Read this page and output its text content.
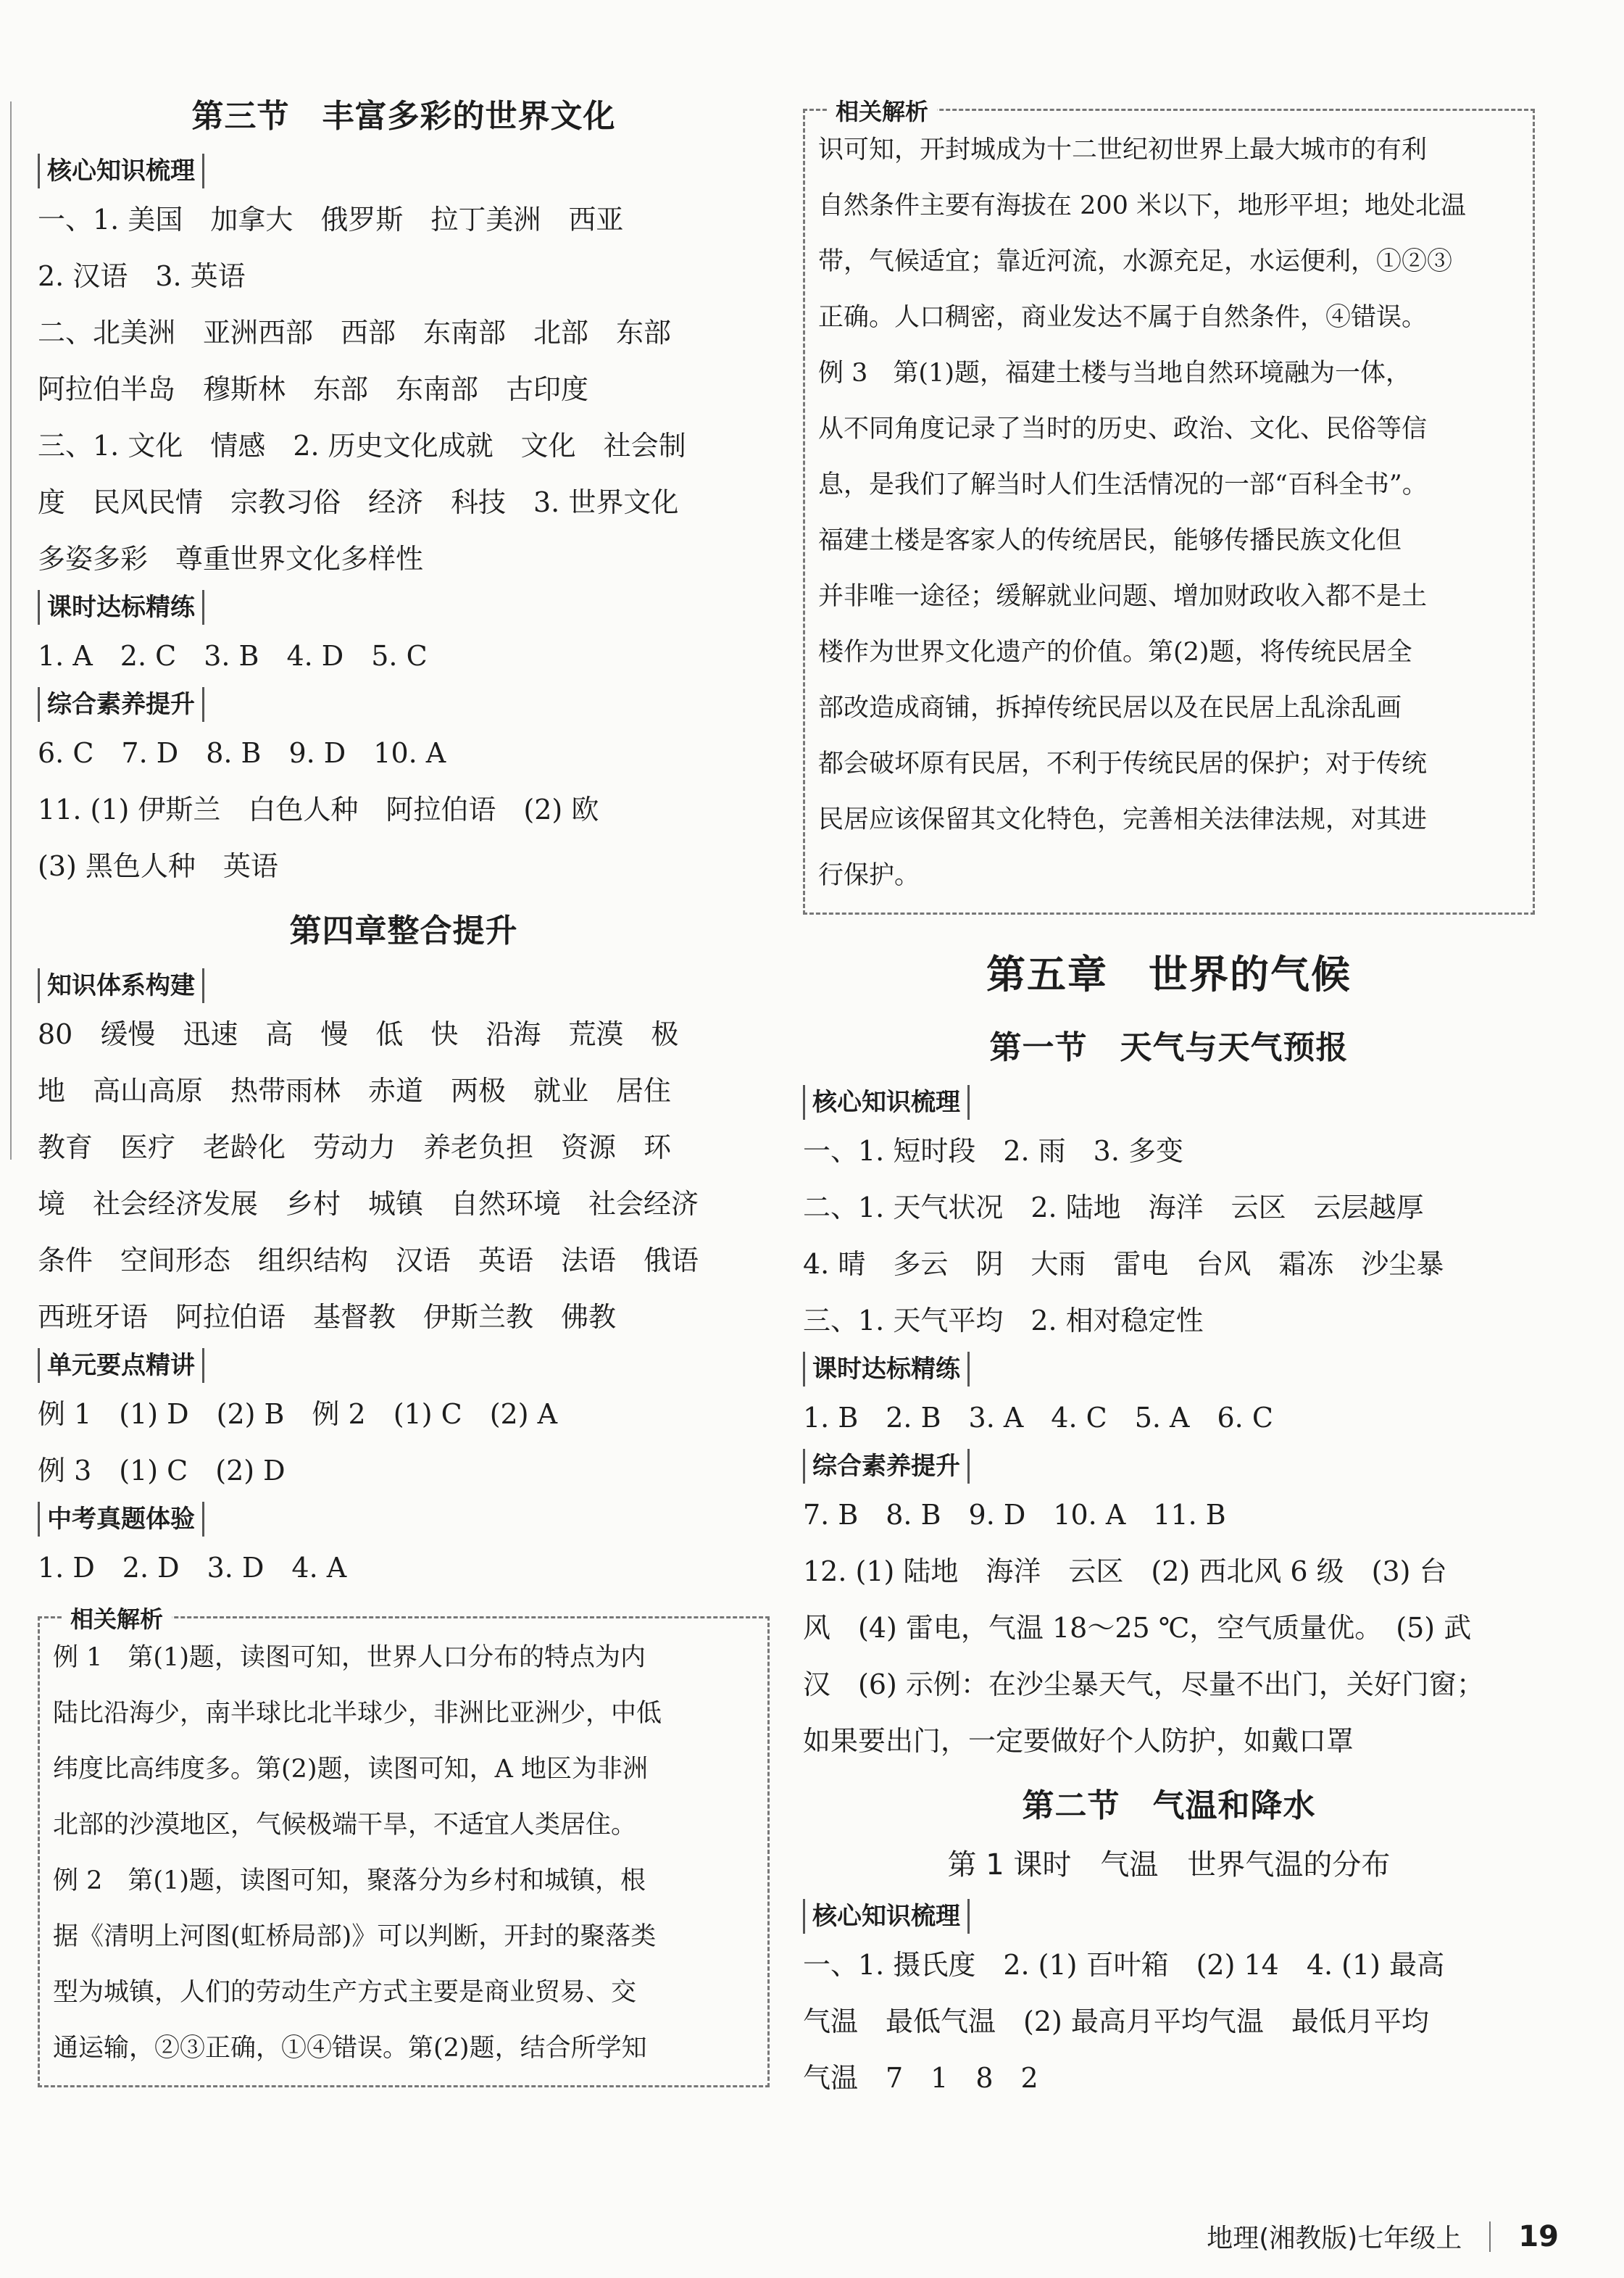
第三节　丰富多彩的世界文化
核心知识梳理
一、1. 美国　加拿大　俄罗斯　拉丁美洲　西亚
2. 汉语　3. 英语
二、北美洲　亚洲西部　西部　东南部　北部　东部
阿拉伯半岛　穆斯林　东部　东南部　古印度
三、1. 文化　情感　2. 历史文化成就　文化　社会制
度　民风民情　宗教习俗　经济　科技　3. 世界文化
多姿多彩　尊重世界文化多样性
课时达标精练
1. A　2. C　3. B　4. D　5. C
综合素养提升
6. C　7. D　8. B　9. D　10. A
11. (1) 伊斯兰　白色人种　阿拉伯语　(2) 欧
(3) 黑色人种　英语
第四章整合提升
知识体系构建
80　缓慢　迅速　高　慢　低　快　沿海　荒漠　极
地　高山高原　热带雨林　赤道　两极　就业　居住
教育　医疗　老龄化　劳动力　养老负担　资源　环
境　社会经济发展　乡村　城镇　自然环境　社会经济
条件　空间形态　组织结构　汉语　英语　法语　俄语
西班牙语　阿拉伯语　基督教　伊斯兰教　佛教
单元要点精讲
例 1　(1) D　(2) B　例 2　(1) C　(2) A
例 3　(1) C　(2) D
中考真题体验
1. D　2. D　3. D　4. A
相关解析
例 1　第(1)题，读图可知，世界人口分布的特点为内
陆比沿海少，南半球比北半球少，非洲比亚洲少，中低
纬度比高纬度多。第(2)题，读图可知，A 地区为非洲
北部的沙漠地区，气候极端干旱，不适宜人类居住。
例 2　第(1)题，读图可知，聚落分为乡村和城镇，根
据《清明上河图(虹桥局部)》可以判断，开封的聚落类
型为城镇，人们的劳动生产方式主要是商业贸易、交
通运输，②③正确，①④错误。第(2)题，结合所学知
相关解析
识可知，开封城成为十二世纪初世界上最大城市的有利
自然条件主要有海拔在 200 米以下，地形平坦；地处北温
带，气候适宜；靠近河流，水源充足，水运便利，①②③
正确。人口稠密，商业发达不属于自然条件，④错误。
例 3　第(1)题，福建土楼与当地自然环境融为一体，
从不同角度记录了当时的历史、政治、文化、民俗等信
息，是我们了解当时人们生活情况的一部“百科全书”。
福建土楼是客家人的传统居民，能够传播民族文化但
并非唯一途径；缓解就业问题、增加财政收入都不是土
楼作为世界文化遗产的价值。第(2)题，将传统民居全
部改造成商铺，拆掉传统民居以及在民居上乱涂乱画
都会破坏原有民居，不利于传统民居的保护；对于传统
民居应该保留其文化特色，完善相关法律法规，对其进
行保护。
第五章　世界的气候
第一节　天气与天气预报
核心知识梳理
一、1. 短时段　2. 雨　3. 多变
二、1. 天气状况　2. 陆地　海洋　云区　云层越厚
4. 晴　多云　阴　大雨　雷电　台风　霜冻　沙尘暴
三、1. 天气平均　2. 相对稳定性
课时达标精练
1. B　2. B　3. A　4. C　5. A　6. C
综合素养提升
7. B　8. B　9. D　10. A　11. B
12. (1) 陆地　海洋　云区　(2) 西北风 6 级　(3) 台
风　(4) 雷电，气温 18～25 ℃，空气质量优。　(5) 武
汉　(6) 示例：在沙尘暴天气，尽量不出门，关好门窗；
如果要出门，一定要做好个人防护，如戴口罩
第二节　气温和降水
第 1 课时　气温　世界气温的分布
核心知识梳理
一、1. 摄氏度　2. (1) 百叶箱　(2) 14　4. (1) 最高
气温　最低气温　(2) 最高月平均气温　最低月平均
气温　7　1　8　2
地理(湘教版)七年级上 19
